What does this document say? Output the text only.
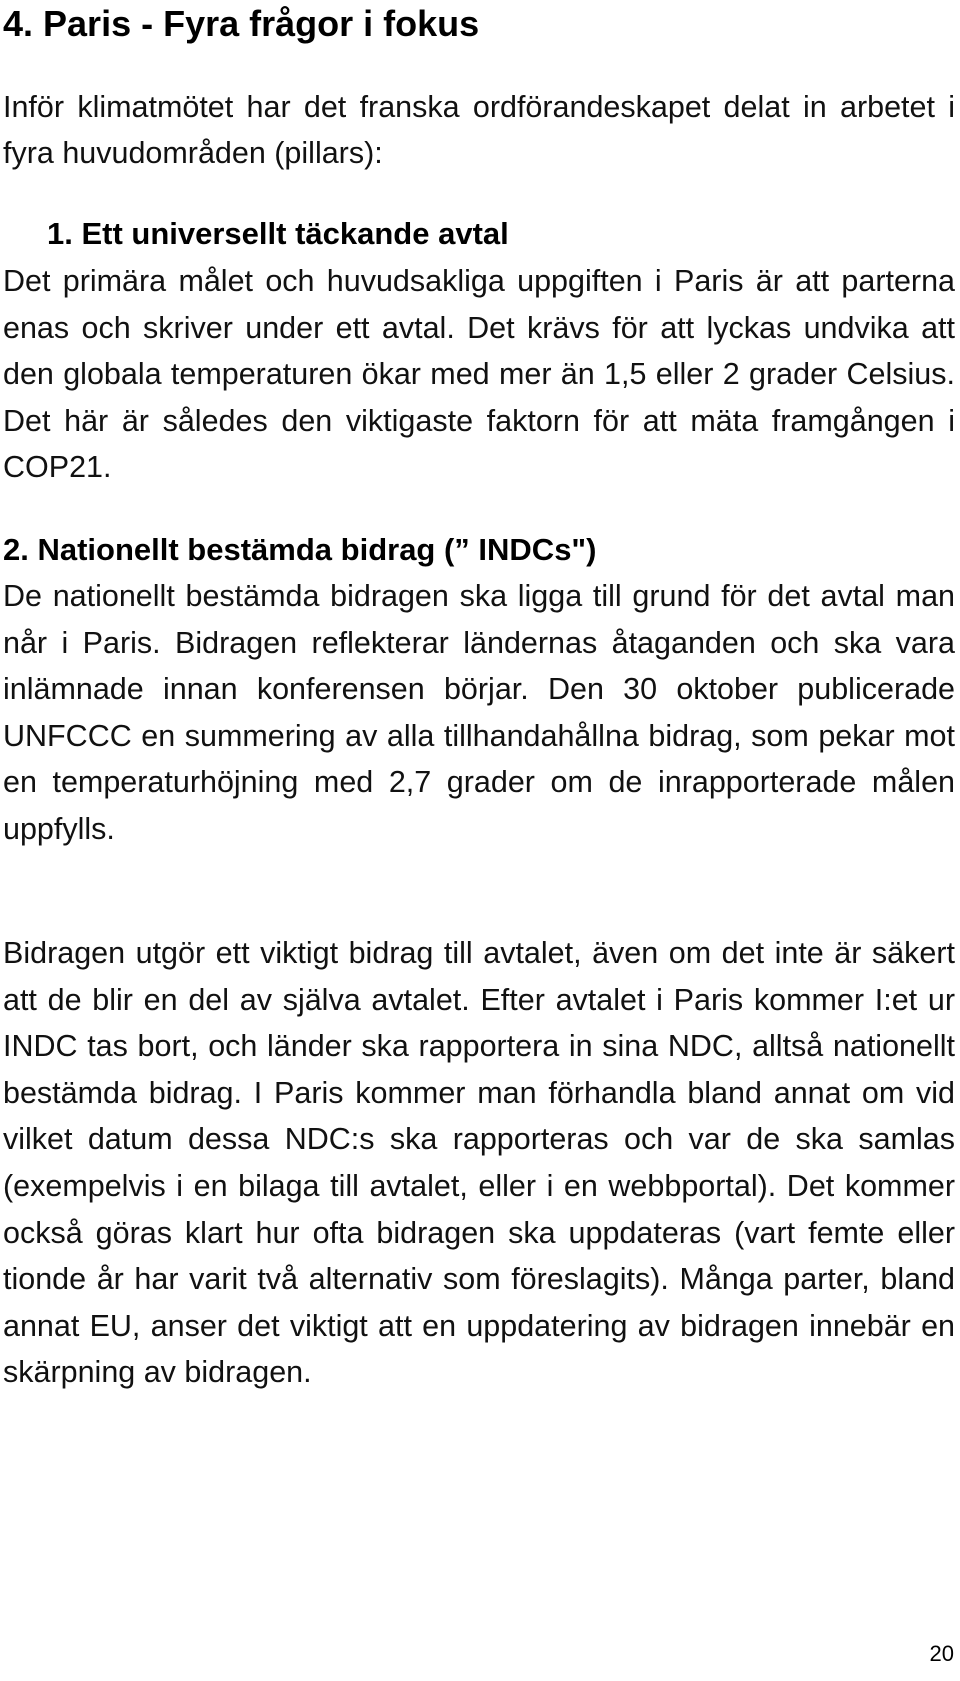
4. Paris - Fyra frågor i fokus
Inför klimatmötet har det franska ordförandeskapet delat in arbetet i fyra huvudområden (pillars):
1. Ett universellt täckande avtal
Det primära målet och huvudsakliga uppgiften i Paris är att parterna enas och skriver under ett avtal. Det krävs för att lyckas undvika att den globala temperaturen ökar med mer än 1,5 eller 2 grader Celsius. Det här är således den viktigaste faktorn för att mäta framgången i COP21.
2. Nationellt bestämda bidrag (” INDCs")
De nationellt bestämda bidragen ska ligga till grund för det avtal man når i Paris. Bidragen reflekterar ländernas åtaganden och ska vara inlämnade innan konferensen börjar. Den 30 oktober publicerade UNFCCC en summering av alla tillhandahållna bidrag, som pekar mot en temperaturhöjning med 2,7 grader om de inrapporterade målen uppfylls.
Bidragen utgör ett viktigt bidrag till avtalet, även om det inte är säkert att de blir en del av själva avtalet. Efter avtalet i Paris kommer I:et ur INDC tas bort, och länder ska rapportera in sina NDC, alltså nationellt bestämda bidrag. I Paris kommer man förhandla bland annat om vid vilket datum dessa NDC:s ska rapporteras och var de ska samlas (exempelvis i en bilaga till avtalet, eller i en webbportal). Det kommer också göras klart hur ofta bidragen ska uppdateras (vart femte eller tionde år har varit två alternativ som föreslagits). Många parter, bland annat EU, anser det viktigt att en uppdatering av bidragen innebär en skärpning av bidragen.
20
